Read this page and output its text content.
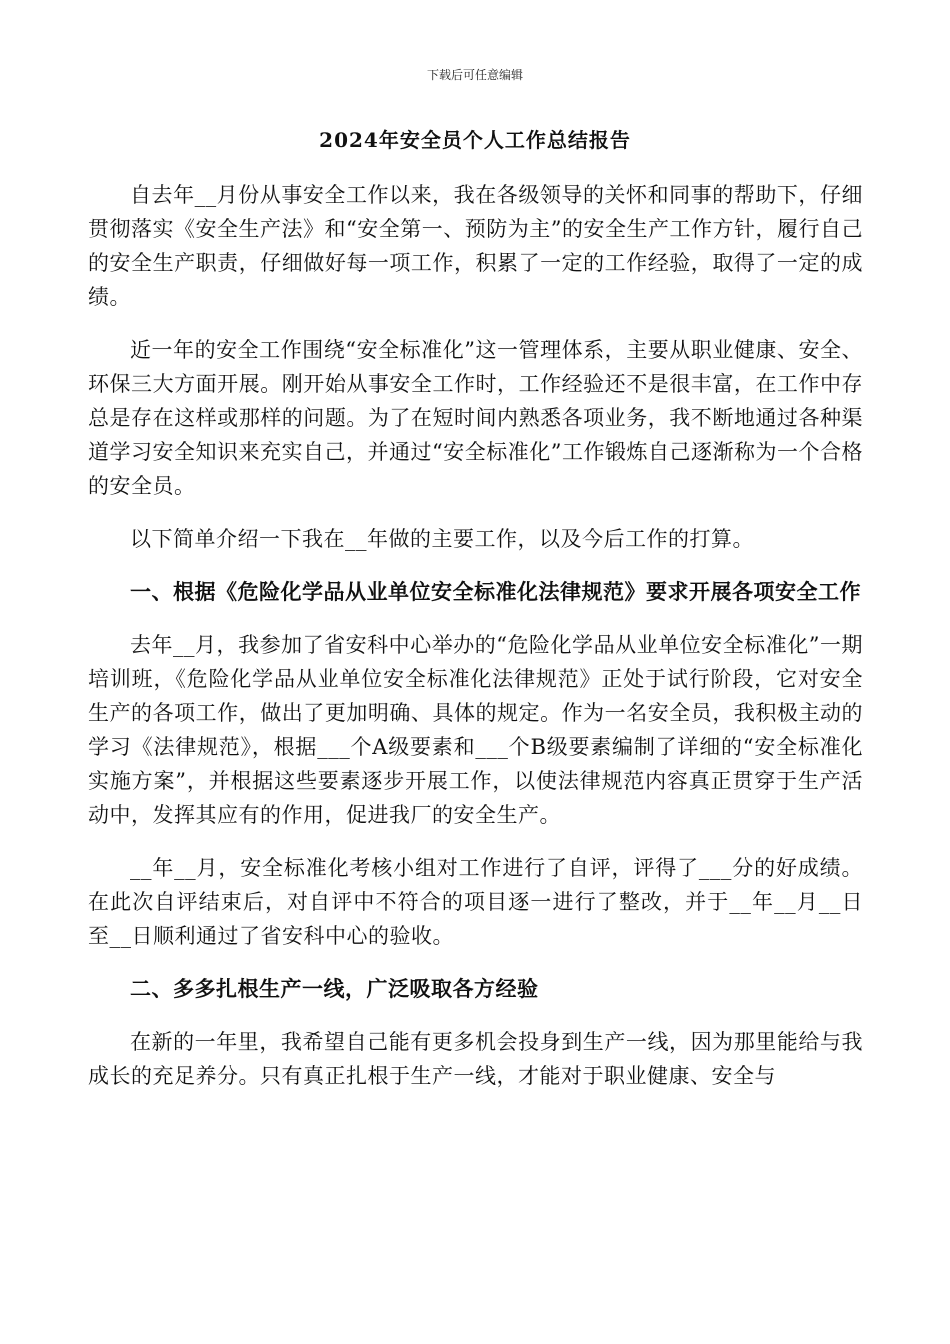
下载后可任意编辑
2024年安全员个人工作总结报告

自去年__月份从事安全工作以来，我在各级领导的关怀和同事的帮助下，仔细贯彻落实《安全生产法》和“安全第一、预防为主”的安全生产工作方针，履行自己的安全生产职责，仔细做好每一项工作，积累了一定的工作经验，取得了一定的成绩。

近一年的安全工作围绕“安全标准化”这一管理体系，主要从职业健康、安全、环保三大方面开展。刚开始从事安全工作时，工作经验还不是很丰富，在工作中存总是存在这样或那样的问题。为了在短时间内熟悉各项业务，我不断地通过各种渠道学习安全知识来充实自己，并通过“安全标准化”工作锻炼自己逐渐称为一个合格的安全员。

以下简单介绍一下我在__年做的主要工作，以及今后工作的打算。

一、根据《危险化学品从业单位安全标准化法律规范》要求开展各项安全工作

去年__月，我参加了省安科中心举办的“危险化学品从业单位安全标准化”一期培训班，《危险化学品从业单位安全标准化法律规范》正处于试行阶段，它对安全生产的各项工作，做出了更加明确、具体的规定。作为一名安全员，我积极主动的学习《法律规范》，根据___个A级要素和___个B级要素编制了详细的“安全标准化实施方案”，并根据这些要素逐步开展工作，以使法律规范内容真正贯穿于生产活动中，发挥其应有的作用，促进我厂的安全生产。

__年__月，安全标准化考核小组对工作进行了自评，评得了___分的好成绩。在此次自评结束后，对自评中不符合的项目逐一进行了整改，并于__年__月__日至__日顺利通过了省安科中心的验收。

二、多多扎根生产一线，广泛吸取各方经验

在新的一年里，我希望自己能有更多机会投身到生产一线，因为那里能给与我成长的充足养分。只有真正扎根于生产一线，才能对于职业健康、安全与
